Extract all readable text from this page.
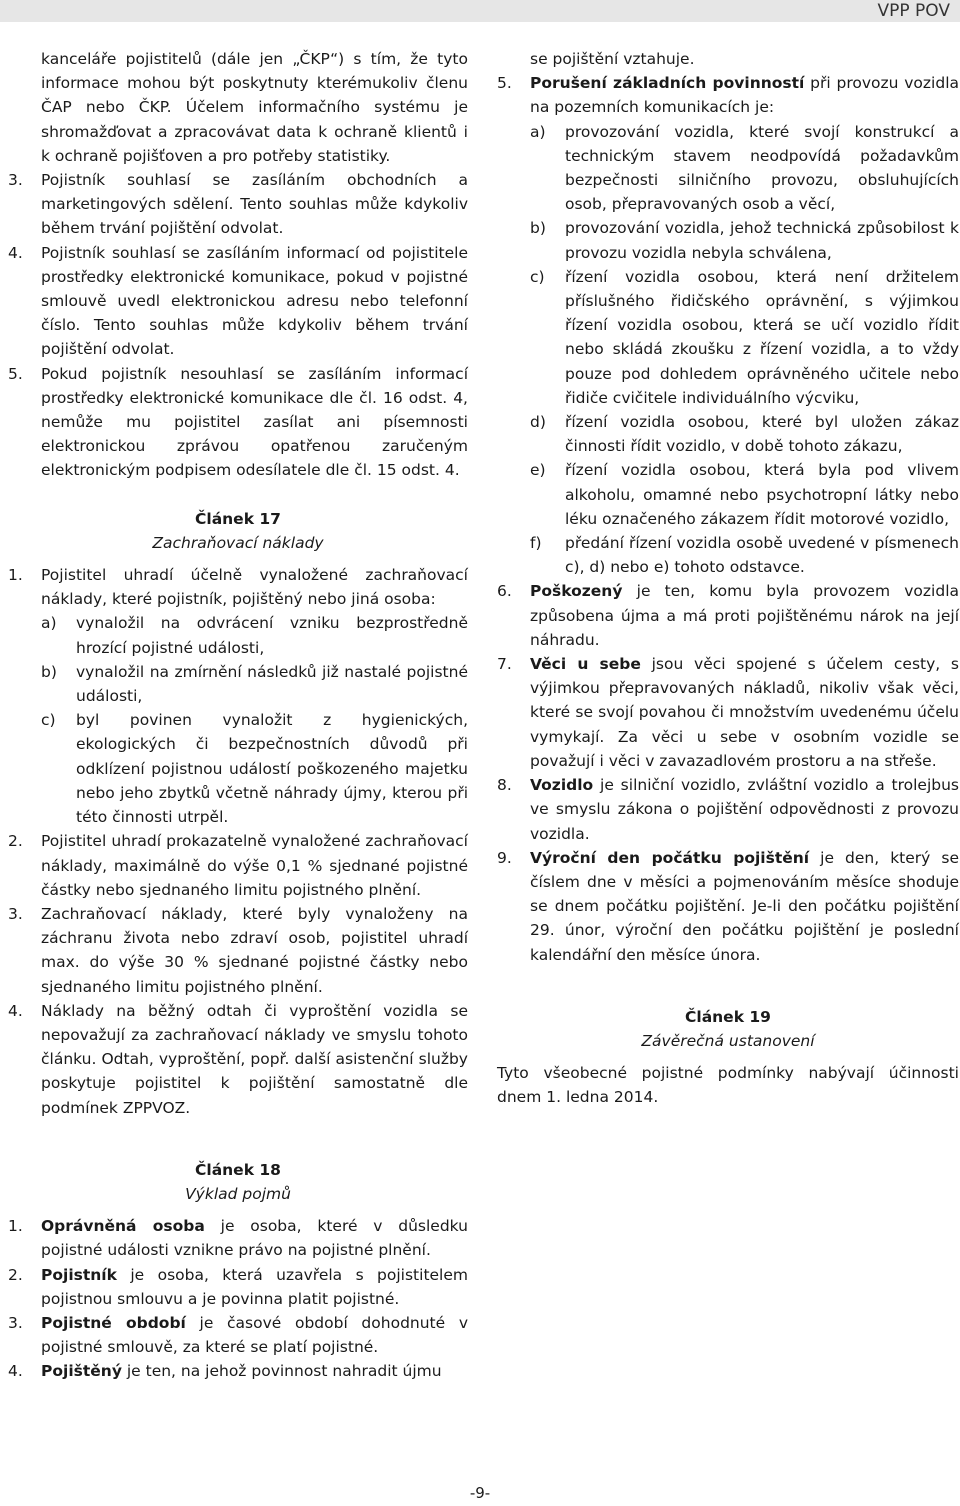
VPP POV

kanceláře pojistitelů (dále jen „ČKP“) s tím, že tyto informace mohou být poskytnuty kterémukoliv členu ČAP nebo ČKP. Účelem informačního systému je shromažďovat a zpracovávat data k ochraně klientů i k ochraně pojišťoven a pro potřeby statistiky.

3. Pojistník souhlasí se zasíláním obchodních a marketingových sdělení. Tento souhlas může kdykoliv během trvání pojištění odvolat.
4. Pojistník souhlasí se zasíláním informací od pojistitele prostředky elektronické komunikace, pokud v pojistné smlouvě uvedl elektronickou adresu nebo telefonní číslo. Tento souhlas může kdykoliv během trvání pojištění odvolat.
5. Pokud pojistník nesouhlasí se zasíláním informací prostředky elektronické komunikace dle čl. 16 odst. 4, nemůže mu pojistitel zasílat ani písemnosti elektronickou zprávou opatřenou zaručeným elektronickým podpisem odesílatele dle čl. 15 odst. 4.
Článek 17
Zachraňovací náklady
1. Pojistitel uhradí účelně vynaložené zachraňovací náklady, které pojistník, pojištěný nebo jiná osoba:
a) vynaložil na odvrácení vzniku bezprostředně hrozící pojistné události,
b) vynaložil na zmírnění následků již nastalé pojistné události,
c) byl povinen vynaložit z hygienických, ekologických či bezpečnostních důvodů při odklízení pojistnou událostí poškozeného majetku nebo jeho zbytků včetně náhrady újmy, kterou při této činnosti utrpěl.
2. Pojistitel uhradí prokazatelně vynaložené zachraňovací náklady, maximálně do výše 0,1 % sjednané pojistné částky nebo sjednaného limitu pojistného plnění.
3. Zachraňovací náklady, které byly vynaloženy na záchranu života nebo zdraví osob, pojistitel uhradí max. do výše 30 % sjednané pojistné částky nebo sjednaného limitu pojistného plnění.
4. Náklady na běžný odtah či vyproštění vozidla se nepovažují za zachraňovací náklady ve smyslu tohoto článku. Odtah, vyproštění, popř. další asistenční služby poskytuje pojistitel k pojištění samostatně dle podmínek ZPPVOZ.
Článek 18
Výklad pojmů
1. Oprávněná osoba je osoba, které v důsledku pojistné události vznikne právo na pojistné plnění.
2. Pojistník je osoba, která uzavřela s pojistitelem pojistnou smlouvu a je povinna platit pojistné.
3. Pojistné období je časové období dohodnuté v pojistné smlouvě, za které se platí pojistné.
4. Pojištěný je ten, na jehož povinnost nahradit újmu

se pojištění vztahuje.

5. Porušení základních povinností při provozu vozidla na pozemních komunikacích je:
a) provozování vozidla, které svojí konstrukcí a technickým stavem neodpovídá požadavkům bezpečnosti silničního provozu, obsluhujících osob, přepravovaných osob a věcí,
b) provozování vozidla, jehož technická způsobilost k provozu vozidla nebyla schválena,
c) řízení vozidla osobou, která není držitelem příslušného řidičského oprávnění, s výjimkou řízení vozidla osobou, která se učí vozidlo řídit nebo skládá zkoušku z řízení vozidla, a to vždy pouze pod dohledem oprávněného učitele nebo řidiče cvičitele individuálního výcviku,
d) řízení vozidla osobou, které byl uložen zákaz činnosti řídit vozidlo, v době tohoto zákazu,
e) řízení vozidla osobou, která byla pod vlivem alkoholu, omamné nebo psychotropní látky nebo léku označeného zákazem řídit motorové vozidlo,
f) předání řízení vozidla osobě uvedené v písmenech c), d) nebo e) tohoto odstavce.
6. Poškozený je ten, komu byla provozem vozidla způsobena újma a má proti pojištěnému nárok na její náhradu.
7. Věci u sebe jsou věci spojené s účelem cesty, s výjimkou přepravovaných nákladů, nikoliv však věci, které se svojí povahou či množstvím uvedenému účelu vymykají. Za věci u sebe v osobním vozidle se považují i věci v zavazadlovém prostoru a na střeše.
8. Vozidlo je silniční vozidlo, zvláštní vozidlo a trolejbus ve smyslu zákona o pojištění odpovědnosti z provozu vozidla.
9. Výroční den počátku pojištění je den, který se číslem dne v měsíci a pojmenováním měsíce shoduje se dnem počátku pojištění. Je-li den počátku pojištění 29. únor, výroční den počátku pojištění je poslední kalendářní den měsíce února.
Článek 19
Závěrečná ustanovení

Tyto všeobecné pojistné podmínky nabývají účinnosti dnem 1. ledna 2014.

-9-
